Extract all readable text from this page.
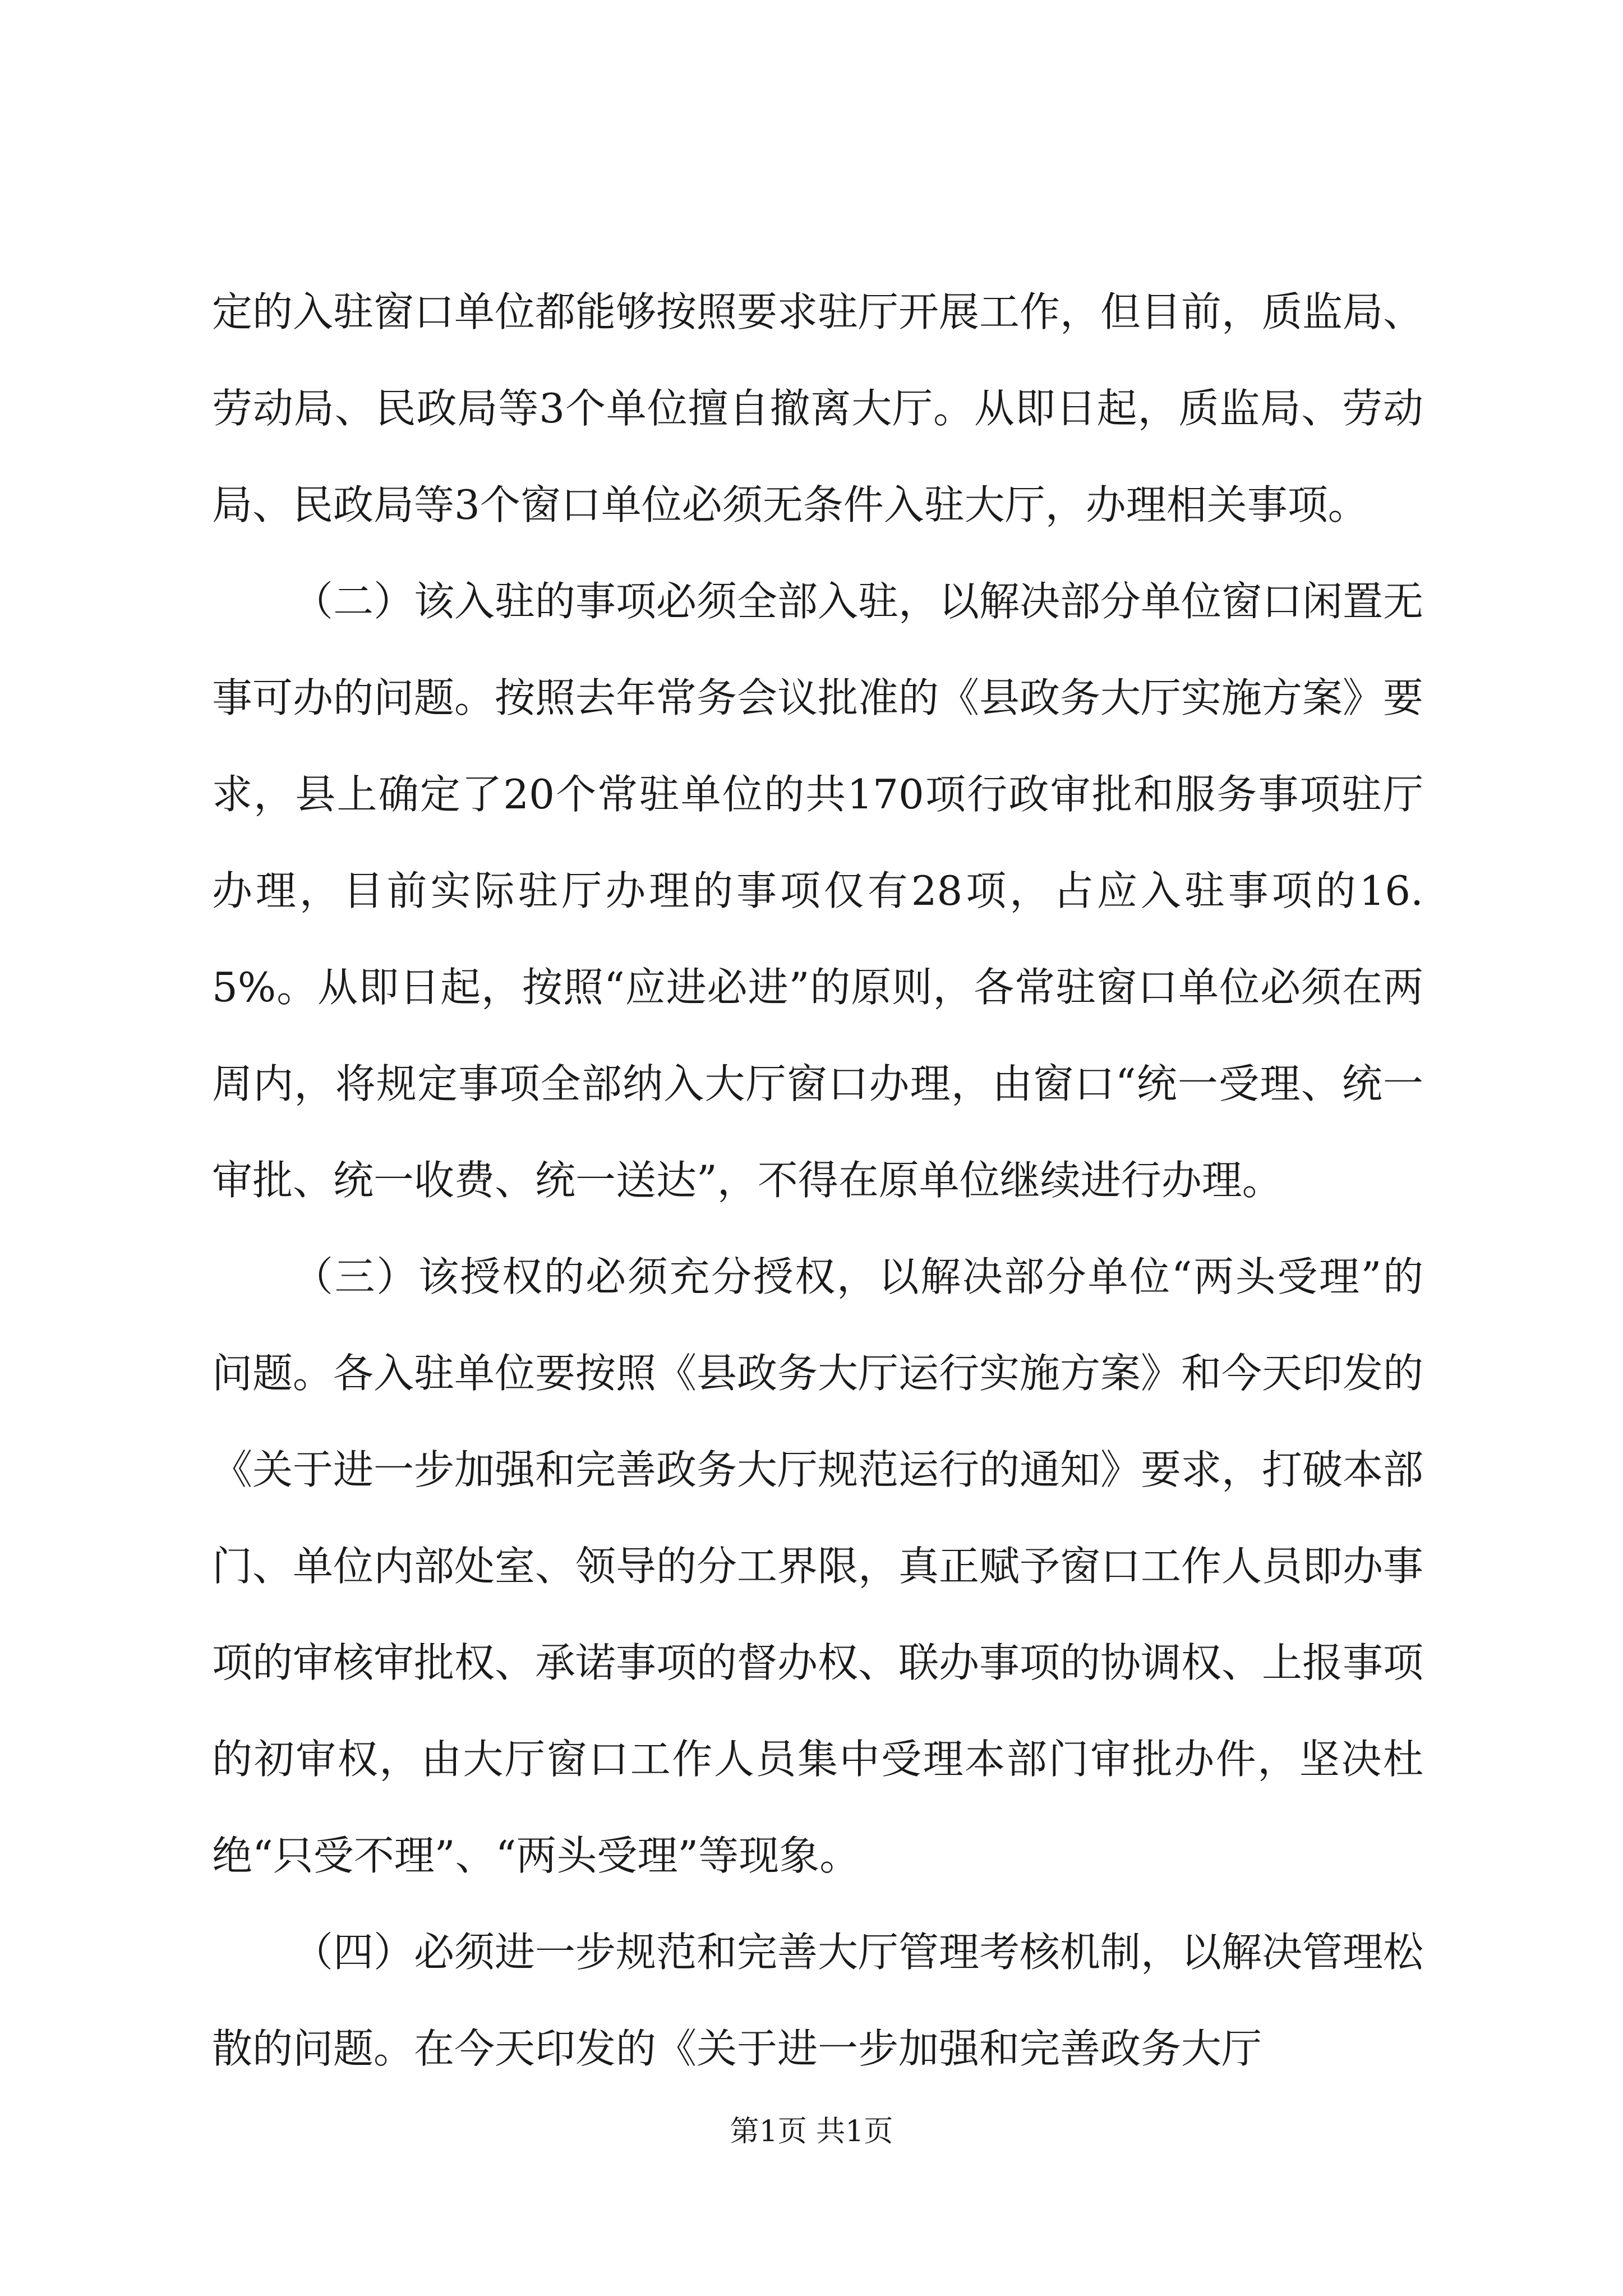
定的入驻窗口单位都能够按照要求驻厅开展工作，但目前，质监局、劳动局、民政局等3个单位擅自撤离大厅。从即日起，质监局、劳动局、民政局等3个窗口单位必须无条件入驻大厅，办理相关事项。

（二）该入驻的事项必须全部入驻，以解决部分单位窗口闲置无事可办的问题。按照去年常务会议批准的《县政务大厅实施方案》要求，县上确定了20个常驻单位的共170项行政审批和服务事项驻厅办理，目前实际驻厅办理的事项仅有28项，占应入驻事项的16.5%。从即日起，按照“应进必进”的原则，各常驻窗口单位必须在两周内，将规定事项全部纳入大厅窗口办理，由窗口“统一受理、统一审批、统一收费、统一送达”，不得在原单位继续进行办理。

（三）该授权的必须充分授权，以解决部分单位“两头受理”的问题。各入驻单位要按照《县政务大厅运行实施方案》和今天印发的《关于进一步加强和完善政务大厅规范运行的通知》要求，打破本部门、单位内部处室、领导的分工界限，真正赋予窗口工作人员即办事项的审核审批权、承诺事项的督办权、联办事项的协调权、上报事项的初审权，由大厅窗口工作人员集中受理本部门审批办件，坚决杜绝“只受不理”、“两头受理”等现象。

（四）必须进一步规范和完善大厅管理考核机制，以解决管理松散的问题。在今天印发的《关于进一步加强和完善政务大厅

第1页 共1页
